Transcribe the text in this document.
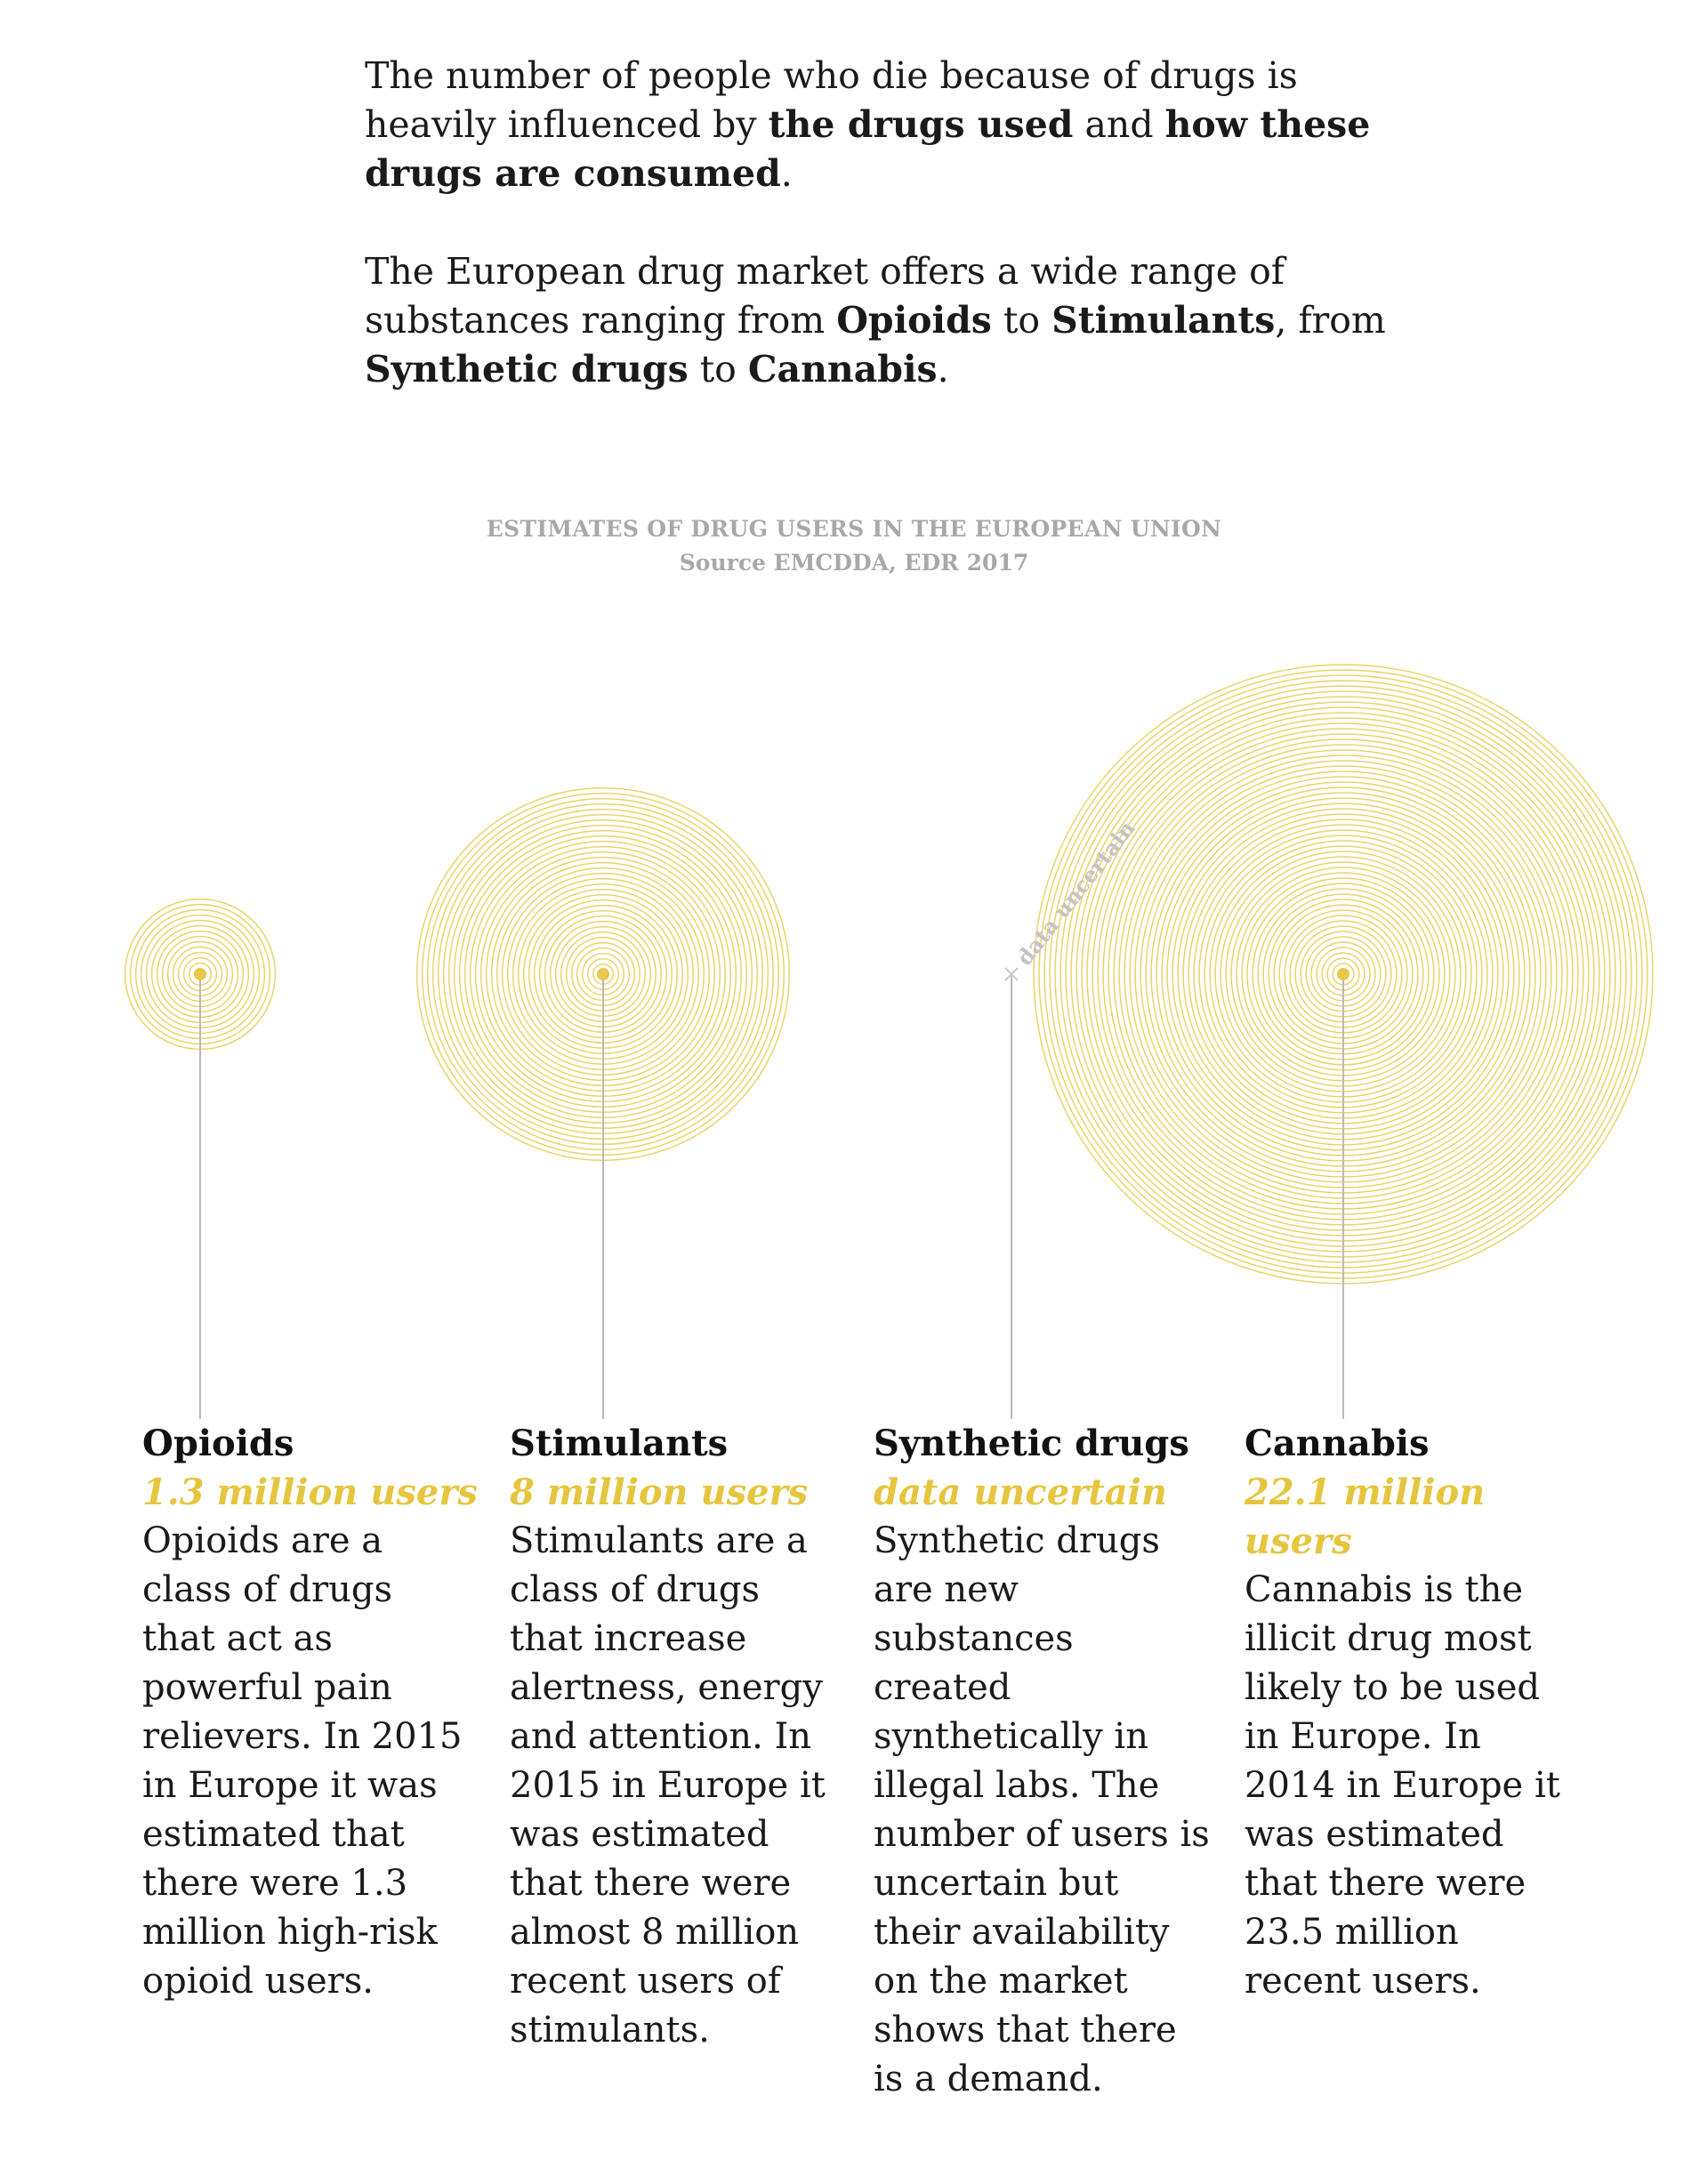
The number of people who die because of drugs is heavily influenced by the drugs used and how these drugs are consumed.

The European drug market offers a wide range of substances ranging from Opioids to Stimulants, from Synthetic drugs to Cannabis.

data uncertain

ESTIMATES OF DRUG USERS IN THE EUROPEAN UNION

Source EMCDDA, EDR 2017

Opioids

1.3 million users

Opioids are a class of drugs that act as powerful pain relievers. In 2015 in Europe it was estimated that there were 1.3 million high-risk opioid users.

Stimulants

8 million users

Stimulants are a class of drugs that increase alertness, energy and attention. In 2015 in Europe it was estimated that there were almost 8 million recent users of stimulants.

Synthetic drugs

data uncertain

Synthetic drugs are new substances created synthetically in illegal labs. The number of users is uncertain but their availability on the market shows that there is a demand.

Cannabis

22.1 million users

Cannabis is the illicit drug most likely to be used in Europe. In 2014 in Europe it was estimated that there were 23.5 million recent users.
